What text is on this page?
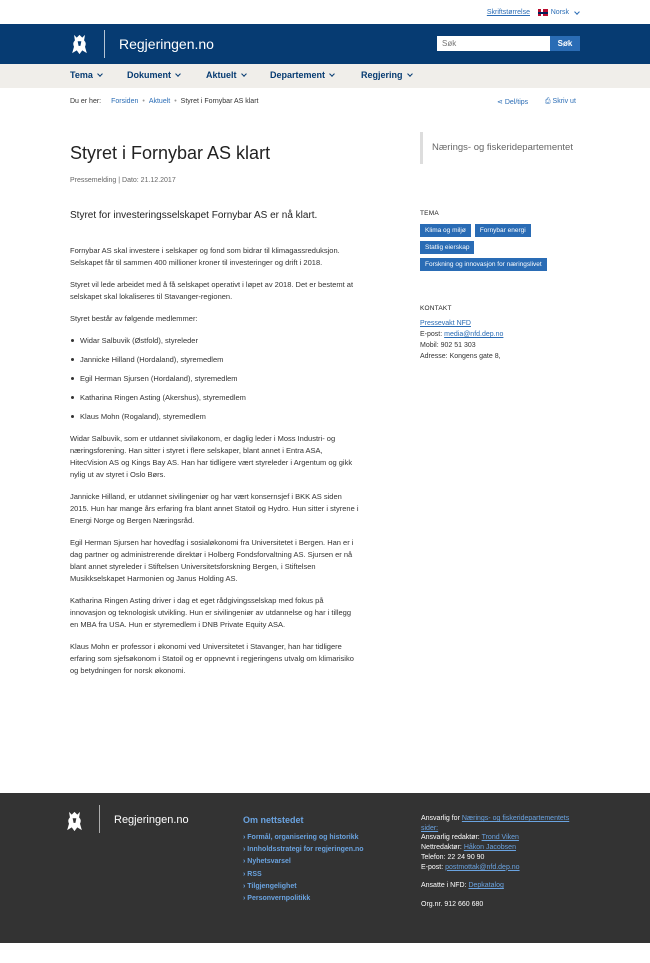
Skriftstørrelse	Norsk
Regjeringen.no
Søk	Søk
Tema	Dokument	Aktuelt	Departement	Regjering
Du er her: Forsiden • Aktuelt • Styret i Fornybar AS klart	⋖ Del/tips ⎙ Skriv ut
Styret i Fornybar AS klart
Pressemelding | Dato: 21.12.2017
Styret for investeringsselskapet Fornybar AS er nå klart.

Fornybar AS skal investere i selskaper og fond som bidrar til klimagassreduksjon. Selskapet får til sammen 400 millioner kroner til investeringer og drift i 2018.

Styret vil lede arbeidet med å få selskapet operativt i løpet av 2018. Det er bestemt at selskapet skal lokaliseres til Stavanger-regionen.

Styret består av følgende medlemmer:

Widar Salbuvik (Østfold), styreleder
Jannicke Hilland (Hordaland), styremedlem
Egil Herman Sjursen (Hordaland), styremedlem
Katharina Ringen Asting (Akershus), styremedlem
Klaus Mohn (Rogaland), styremedlem

Widar Salbuvik, som er utdannet siviløkonom, er daglig leder i Moss Industri- og næringsforening. Han sitter i styret i flere selskaper, blant annet i Entra ASA, HitecVision AS og Kings Bay AS. Han har tidligere vært styreleder i Argentum og gikk nylig ut av styret i Oslo Børs.

Jannicke Hilland, er utdannet sivilingeniør og har vært konsernsjef i BKK AS siden 2015. Hun har mange års erfaring fra blant annet Statoil og Hydro. Hun sitter i styrene i Energi Norge og Bergen Næringsråd.

Egil Herman Sjursen har hovedfag i sosialøkonomi fra Universitetet i Bergen. Han er i dag partner og administrerende direktør i Holberg Fondsforvaltning AS. Sjursen er nå blant annet styreleder i Stiftelsen Universitetsforskning Bergen, i Stiftelsen Musikkselskapet Harmonien og Janus Holding AS.

Katharina Ringen Asting driver i dag et eget rådgivingsselskap med fokus på innovasjon og teknologisk utvikling. Hun er sivilingeniør av utdannelse og har i tillegg en MBA fra USA. Hun er styremedlem i DNB Private Equity ASA.

Klaus Mohn er professor i økonomi ved Universitetet i Stavanger, han har tidligere erfaring som sjefsøkonom i Statoil og er oppnevnt i regjeringens utvalg om klimarisiko og betydningen for norsk økonomi.

Nærings- og fiskeridepartementet
TEMA
Klima og miljø	Fornybar energi
Statlig eierskap
Forskning og innovasjon for næringslivet
KONTAKT
Pressevakt NFD
E-post: media@nfd.dep.no
Mobil: 902 51 303
Adresse: Kongens gate 8,
Regjeringen.no	Om nettstedet
› Formål, organisering og historikk
› Innholdsstrategi for regjeringen.no
› Nyhetsvarsel
› RSS
› Tilgjengelighet
› Personvernpolitikk
Ansvarlig for Nærings- og fiskeridepartementets sider:
Ansvarlig redaktør: Trond Viken
Nettredaktør: Håkon Jacobsen
Telefon: 22 24 90 90
E-post: postmottak@nfd.dep.no
Ansatte i NFD: Depkatalog
Org.nr. 912 660 680
